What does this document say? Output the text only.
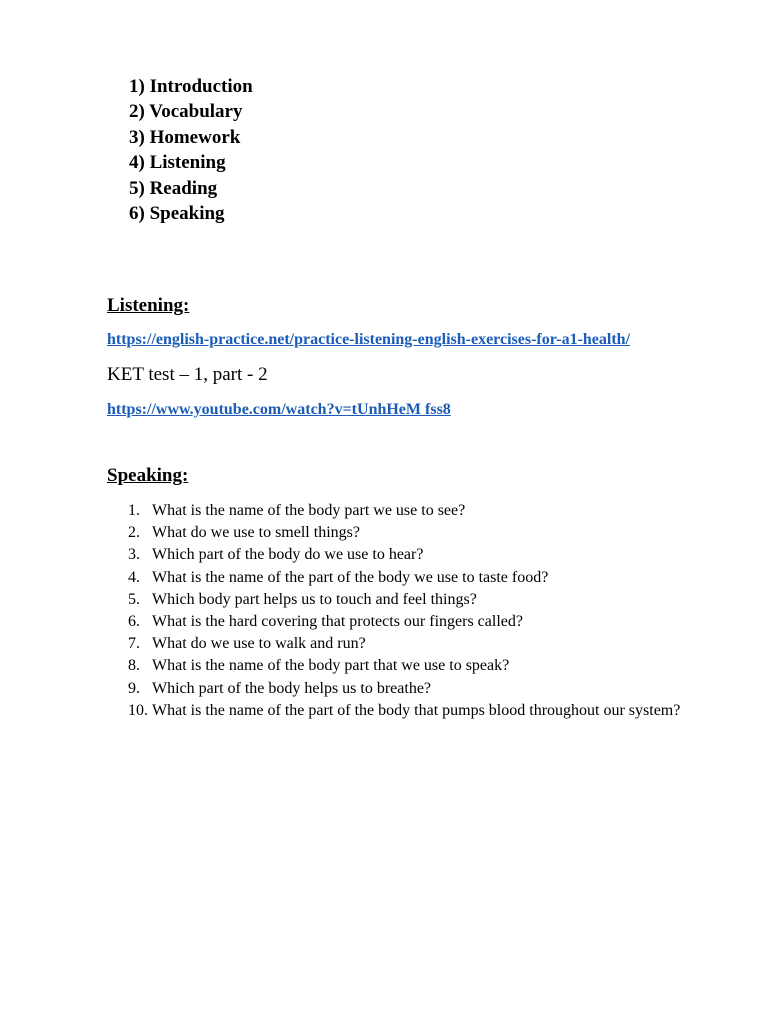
1) Introduction
2) Vocabulary
3) Homework
4) Listening
5) Reading
6) Speaking
Listening:
https://english-practice.net/practice-listening-english-exercises-for-a1-health/
KET test – 1, part - 2
https://www.youtube.com/watch?v=tUnhHeM fss8
Speaking:
1. What is the name of the body part we use to see?
2. What do we use to smell things?
3. Which part of the body do we use to hear?
4. What is the name of the part of the body we use to taste food?
5. Which body part helps us to touch and feel things?
6. What is the hard covering that protects our fingers called?
7. What do we use to walk and run?
8. What is the name of the body part that we use to speak?
9. Which part of the body helps us to breathe?
10. What is the name of the part of the body that pumps blood throughout our system?
